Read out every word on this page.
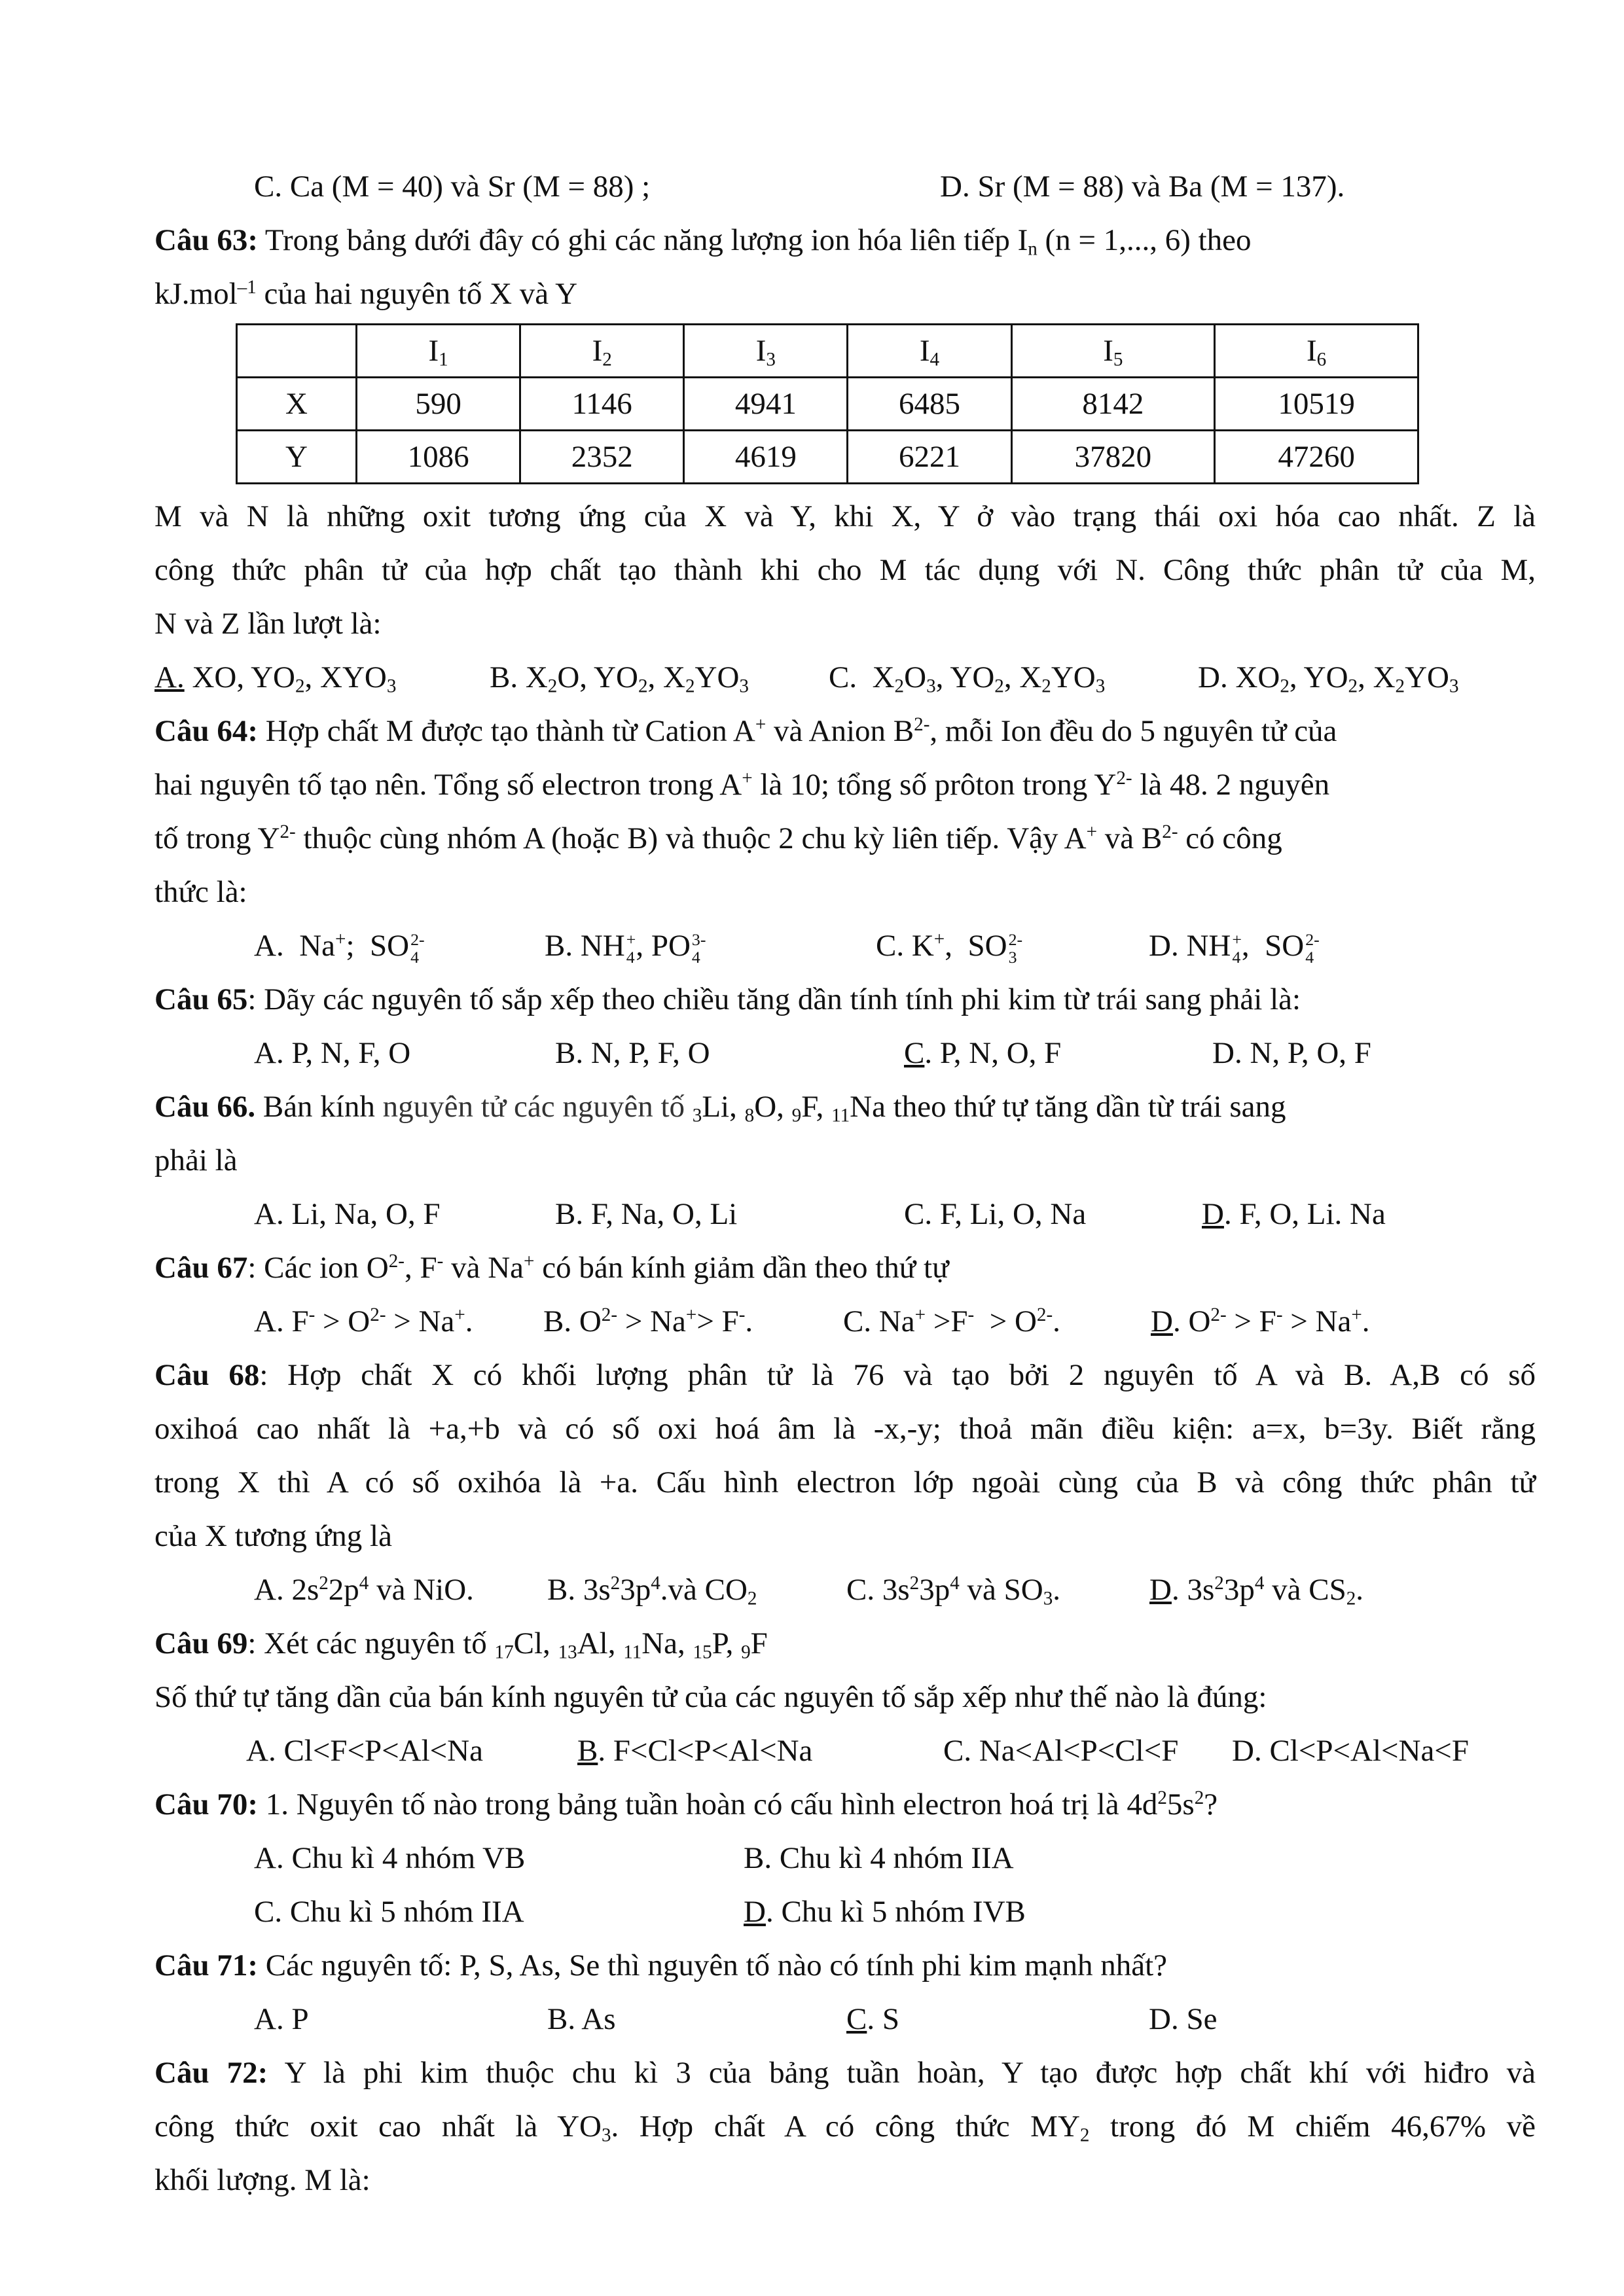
C. Ca (M = 40) và Sr (M = 88) ;	D. Sr (M = 88) và Ba (M = 137).

Câu 63: Trong bảng dưới đây có ghi các năng lượng ion hóa liên tiếp $I_n$ (n = 1,..., 6) theo
kJ.mol$^{-1}$ của hai nguyên tố X và Y
	$I_1$	$I_2$	$I_3$	$I_4$	$I_5$	$I_6$
X	590	1146	4941	6485	8142	10519
Y	1086	2352	4619	6221	37820	47260
M và N là những oxit tương ứng của X và Y, khi X, Y ở vào trạng thái oxi hóa cao nhất. Z là
công thức phân tử của hợp chất tạo thành khi cho M tác dụng với N. Công thức phân tử của M,
N và Z lần lượt là:
A. XO, $YO_2$, $XYO_3$	B. $X_2O$, $YO_2$, $X_2YO_3$	C.  $X_2O_3$, $YO_2$, $X_2YO_3$	D. $XO_2$, $YO_2$, $X_2YO_3$

Câu 64: Hợp chất M được tạo thành từ Cation A+ và Anion $B^{2-}$, mỗi Ion đều do 5 nguyên tử của
hai nguyên tố tạo nên. Tổng số electron trong A+ là 10; tổng số prôton trong $Y^{2-}$ là 48. 2 nguyên
tố trong $Y^{2-}$ thuộc cùng nhóm A (hoặc B) và thuộc 2 chu kỳ liên tiếp. Vậy A+ và $B^{2-}$ có công
thức là:
A.  Na+;  SO 2-
4	B. NH +
4 , PO 3-
4	C. K+,  SO 2-
3	D. NH +
4 ,  SO 2-
4

Câu 65: Dãy các nguyên tố sắp xếp theo chiều tăng dần tính tính phi kim từ trái sang phải là:
A. P, N, F, O	B. N, P, F, O	C. P, N, O, F	D. N, P, O, F

Câu 66. Bán kính nguyên tử các nguyên tố $_3$Li, $_8$O, $_9$F, $_{11}$Na theo thứ tự tăng dần từ trái sang
phải là
A. Li, Na, O, F	B. F, Na, O, Li	C. F, Li, O, Na	D. F, O, Li. Na

Câu 67: Các ion $O^{2-}$, F- và Na+ có bán kính giảm dần theo thứ tự
A. $F^- > O^{2-} > Na^+$. B. $O^{2-} > Na^+> F^-$.	C. $Na^+ >F^- > O^{2-}$.	D. $O^{2-} > F^- > Na^+$.

Câu 68: Hợp chất X có khối lượng phân tử là 76 và tạo bởi 2 nguyên tố A và B. A,B có số
oxihoá cao nhất là +a,+b và có số oxi hoá âm là -x,-y; thoả mãn điều kiện: a=x, b=3y. Biết rằng
trong X thì A có số oxihóa là +a. Cấu hình electron lớp ngoài cùng của B và công thức phân tử
của X tương ứng là
A. $2s^22p^4$ và NiO. B. $3s^23p^4.và$ $CO_2$	C. $3s^23p^4$ và $SO_3$.	D. $3s^23p^4$ và $CS_2$.

Câu 69: Xét các nguyên tố $_{17}$Cl, $_{13}$Al, $_{11}$Na, $_{15}$P, $_9$F
Số thứ tự tăng dần của bán kính nguyên tử của các nguyên tố sắp xếp như thế nào là đúng:
A. Cl<F<P<Al<Na	B. F<Cl<P<Al<Na	C. Na<Al<P<Cl<F D. Cl<P<Al<Na<F

Câu 70: 1. Nguyên tố nào trong bảng tuần hoàn có cấu hình electron hoá trị là $4d^25s^2$?
A. Chu kì 4 nhóm VB	B. Chu kì 4 nhóm IIA

C. Chu kì 5 nhóm IIA	D. Chu kì 5 nhóm IVB

Câu 71: Các nguyên tố: P, S, As, Se thì nguyên tố nào có tính phi kim mạnh nhất?
A. P	B. As	C. S	D. Se

Câu 72: Y là phi kim thuộc chu kì 3 của bảng tuần hoàn, Y tạo được hợp chất khí với hiđro và
công thức oxit cao nhất là $YO_3$. Hợp chất A có công thức $MY_2$ trong đó M chiếm 46,67% về
khối lượng. M là:
